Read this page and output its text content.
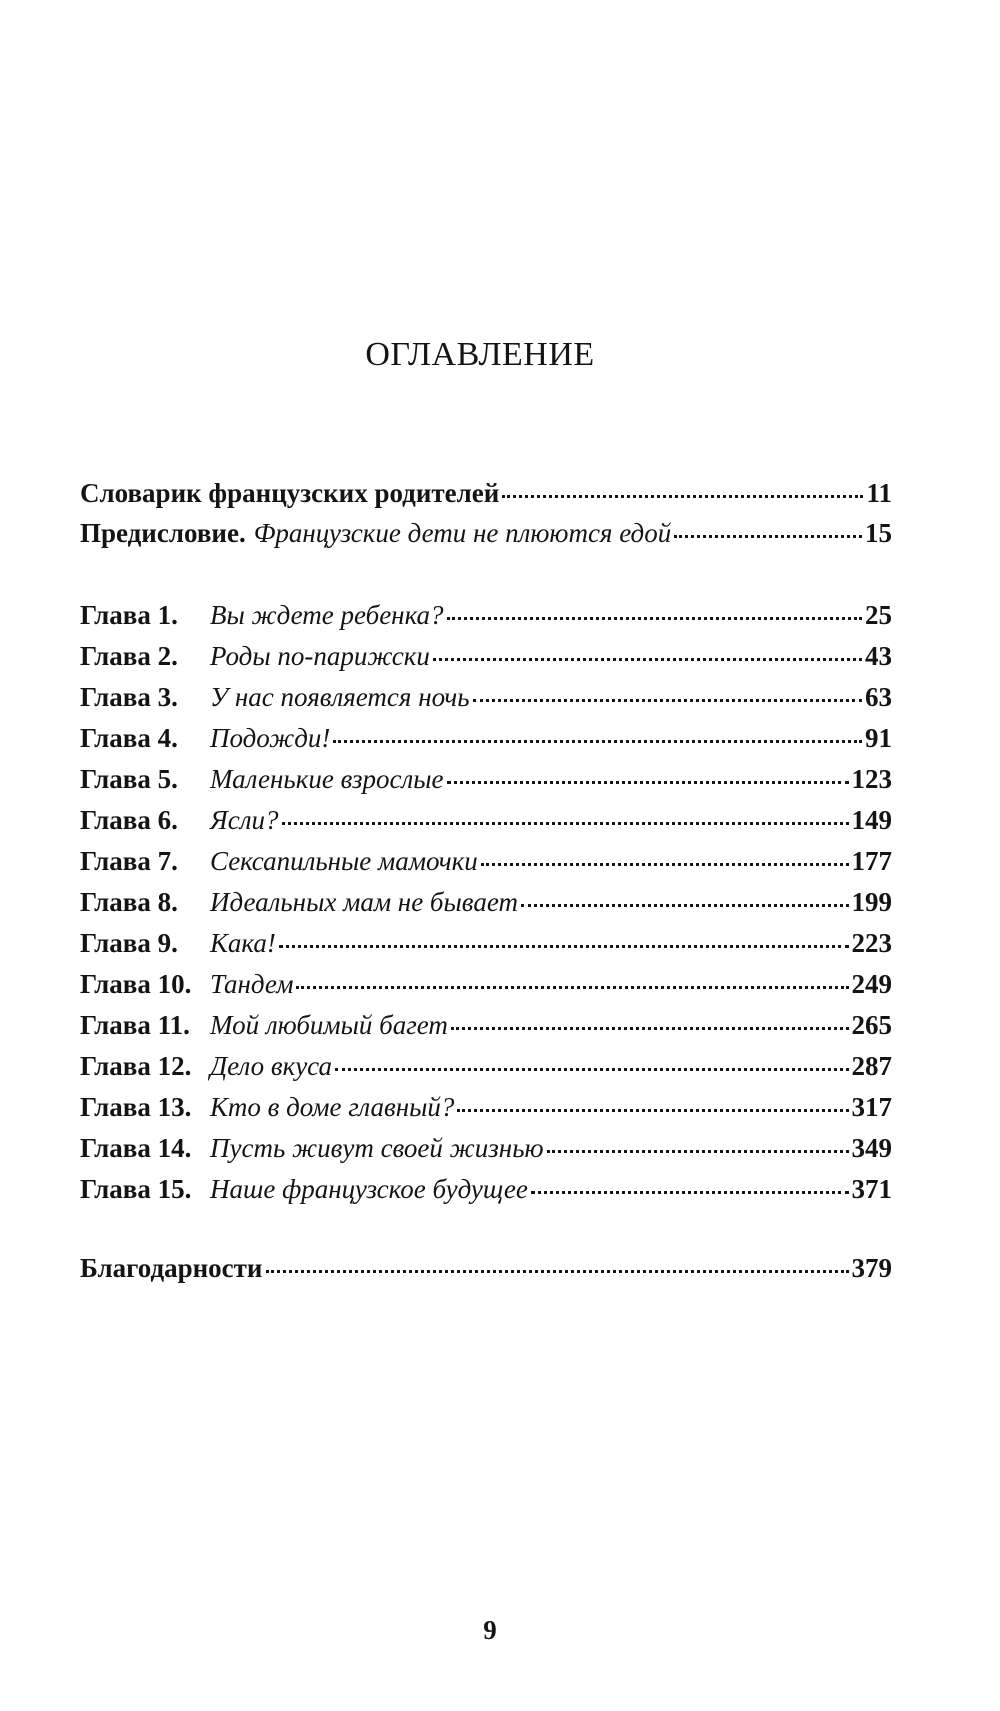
ОГЛАВЛЕНИЕ
Словарик французских родителей	11
Предисловие. Французские дети не плюются едой	15
Глава 1.	Вы ждете ребенка?	25
Глава 2.	Роды по-парижски	43
Глава 3.	У нас появляется ночь	63
Глава 4.	Подожди!	91
Глава 5.	Маленькие взрослые	123
Глава 6.	Ясли?	149
Глава 7.	Сексапильные мамочки	177
Глава 8.	Идеальных мам не бывает	199
Глава 9.	Кака!	223
Глава 10. Тандем	249
Глава 11. Мой любимый багет	265
Глава 12. Дело вкуса	287
Глава 13. Кто в доме главный?	317
Глава 14. Пусть живут своей жизнью	349
Глава 15. Наше французское будущее	371
Благодарности	379
9
